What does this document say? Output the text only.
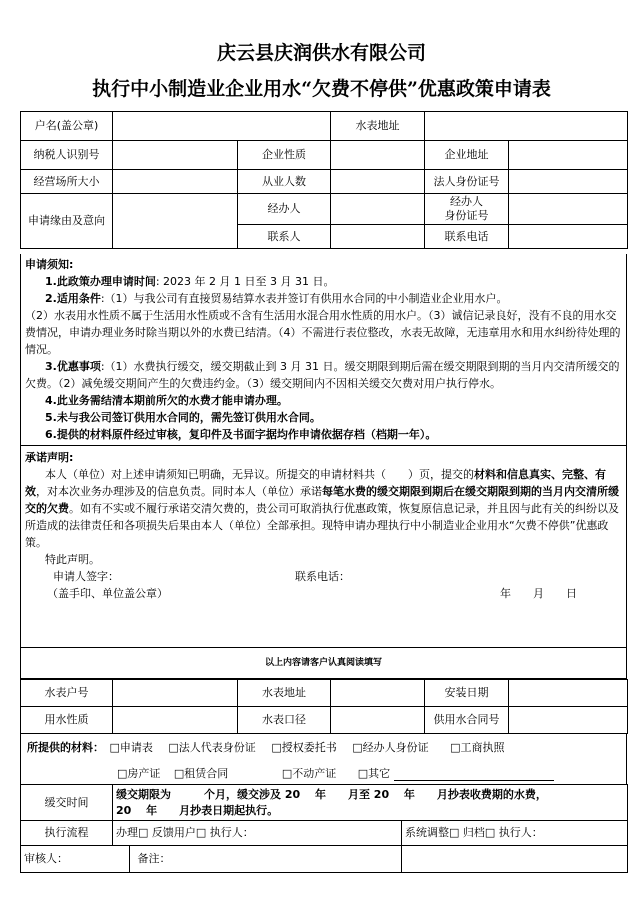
庆云县庆润供水有限公司
执行中小制造业企业用水“欠费不停供”优惠政策申请表
户名(盖公章)			水表地址		
纳税人识别号		企业性质		企业地址	
经营场所大小		从业人数		法人身份证号	
申请缘由及意向		经办人		经办人
身份证号	

		联系人		联系电话	

申请须知:

1.此政策办理申请时间: 2023 年 2 月 1 日至 3 月 31 日。

2.适用条件:（1）与我公司有直接贸易结算水表并签订有供用水合同的中小制造业企业用水户。

（2）水表用水性质不属于生活用水性质或不含有生活用水混合用水性质的用水户。（3）诚信记录良好，没有不良的用水交费情况，申请办理业务时除当期以外的水费已结清。（4）不需进行表位整改，水表无故障，无违章用水和用水纠纷待处理的情况。

3.优惠事项:（1）水费执行缓交，缓交期截止到 3 月 31 日。缓交期限到期后需在缓交期限到期的当月内交清所缓交的欠费。（2）减免缓交期间产生的欠费违约金。（3）缓交期间内不因相关缓交欠费对用户执行停水。

4.此业务需结清本期前所欠的水费才能申请办理。

5.未与我公司签订供用水合同的，需先签订供用水合同。

6.提供的材料原件经过审核，复印件及书面字据均作申请依据存档（档期一年）。

承诺声明:

本人（单位）对上述申请须知已明确，无异议。所提交的申请材料共（　　）页，提交的材料和信息真实、完整、有效，对本次业务办理涉及的信息负责。同时本人（单位）承诺每笔水费的缓交期限到期后在缓交期限到期的当月内交清所缓交的欠费。如有不实或不履行承诺交清欠费的，贵公司可取消执行优惠政策，恢复原信息记录，并且因与此有关的纠纷以及所造成的法律责任和各项损失后果由本人（单位）全部承担。现特申请办理执行中小制造业企业用水“欠费不停供”优惠政策。

特此声明。

申请人签字：	联系电话：

（盖手印、单位盖公章）	年　　月　　日

以上内容请客户认真阅读填写
水表户号		水表地址		安装日期	
用水性质		水表口径		供用水合同号	
所提供的材料： □申请表 □法人代表身份证 □授权委托书 □经办人身份证 □工商执照
□房产证 □租赁合同	□不动产证 □其它
缓交时间	缓交期限为　　　个月，缓交涉及 20　 年　　月至 20　 年　　月抄表收费期的水费，
20　 年　　月抄表日期起执行。	

执行流程	办理□ 反馈用户□ 执行人：	系统调整□ 归档□ 执行人：
审核人： 备注：		
